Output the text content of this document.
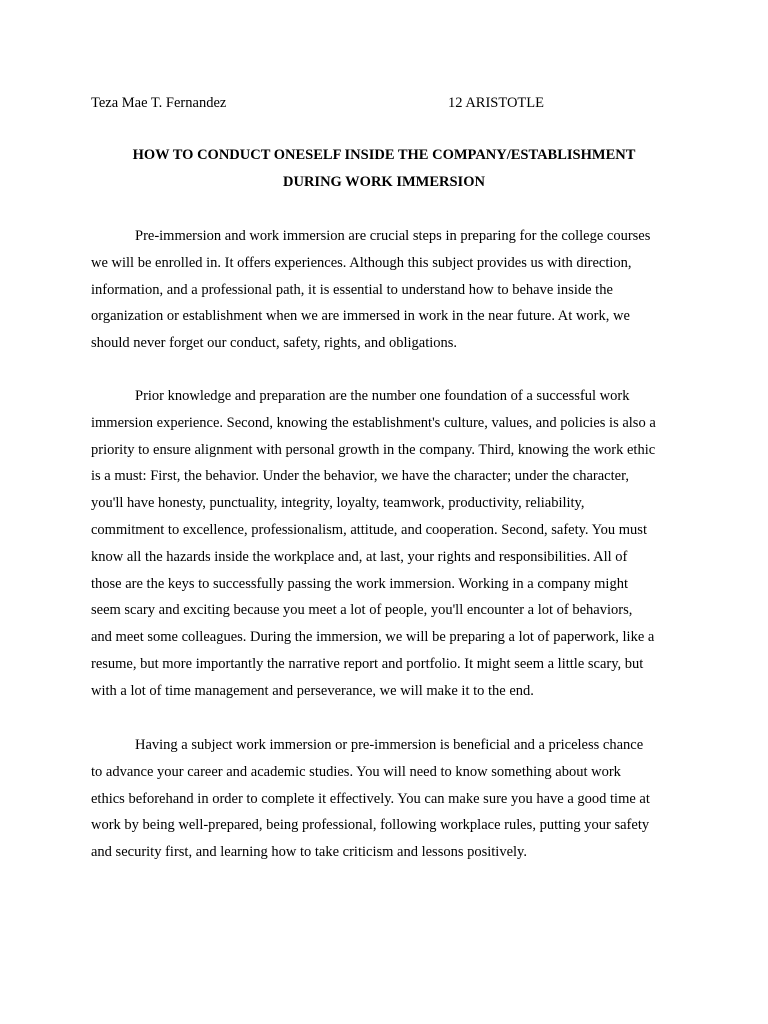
Teza Mae T. Fernandez	12 ARISTOTLE
HOW TO CONDUCT ONESELF INSIDE THE COMPANY/ESTABLISHMENT
DURING WORK IMMERSION
Pre-immersion and work immersion are crucial steps in preparing for the college courses
we will be enrolled in. It offers experiences. Although this subject provides us with direction,
information, and a professional path, it is essential to understand how to behave inside the
organization or establishment when we are immersed in work in the near future. At work, we
should never forget our conduct, safety, rights, and obligations.
Prior knowledge and preparation are the number one foundation of a successful work
immersion experience. Second, knowing the establishment's culture, values, and policies is also a
priority to ensure alignment with personal growth in the company. Third, knowing the work ethic
is a must: First, the behavior. Under the behavior, we have the character; under the character,
you'll have honesty, punctuality, integrity, loyalty, teamwork, productivity, reliability,
commitment to excellence, professionalism, attitude, and cooperation. Second, safety. You must
know all the hazards inside the workplace and, at last, your rights and responsibilities. All of
those are the keys to successfully passing the work immersion. Working in a company might
seem scary and exciting because you meet a lot of people, you'll encounter a lot of behaviors,
and meet some colleagues. During the immersion, we will be preparing a lot of paperwork, like a
resume, but more importantly the narrative report and portfolio. It might seem a little scary, but
with a lot of time management and perseverance, we will make it to the end.
Having a subject work immersion or pre-immersion is beneficial and a priceless chance
to advance your career and academic studies. You will need to know something about work
ethics beforehand in order to complete it effectively. You can make sure you have a good time at
work by being well-prepared, being professional, following workplace rules, putting your safety
and security first, and learning how to take criticism and lessons positively.
